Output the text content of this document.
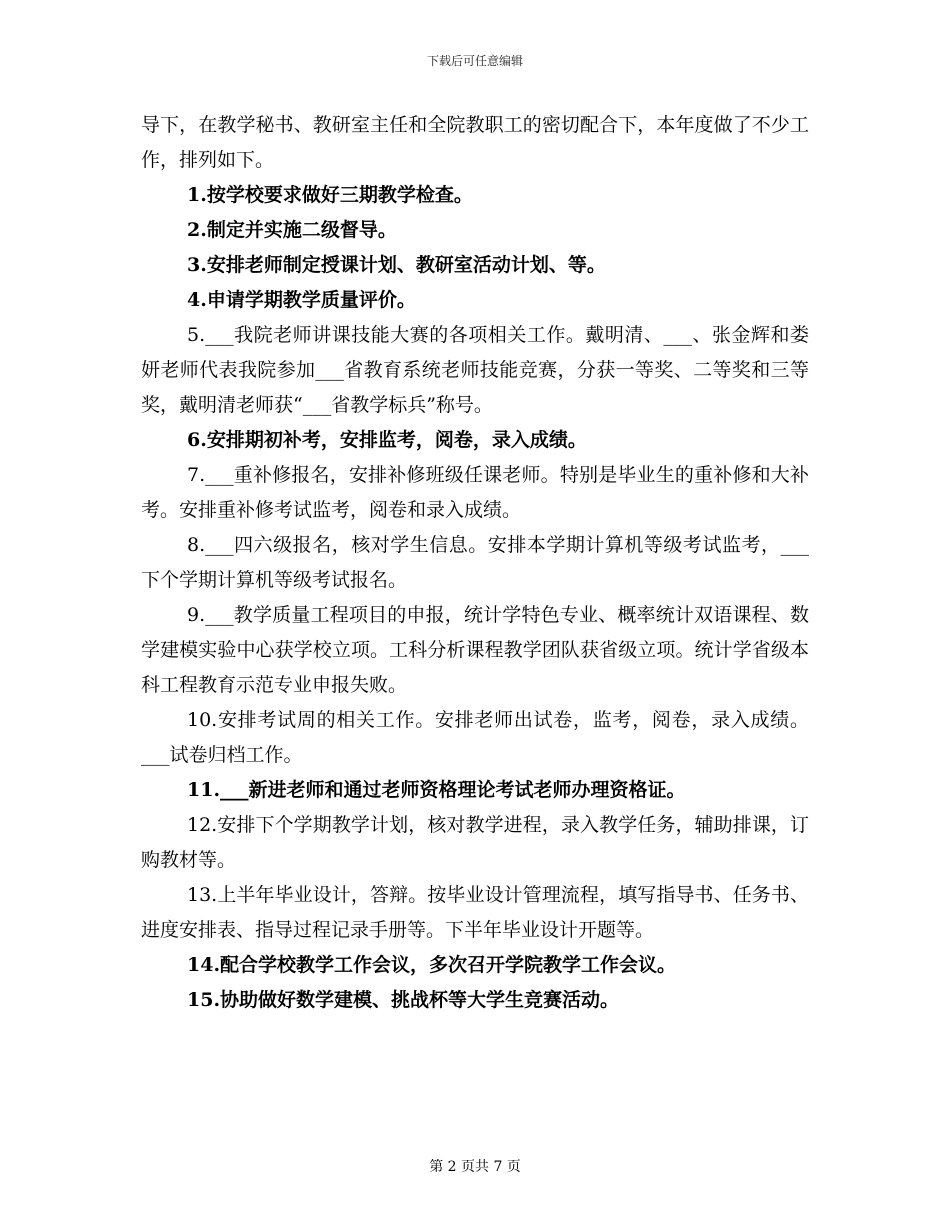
下载后可任意编辑

导下，在教学秘书、教研室主任和全院教职工的密切配合下，本年度做了不少工作，排列如下。

1.按学校要求做好三期教学检查。

2.制定并实施二级督导。

3.安排老师制定授课计划、教研室活动计划、等。

4.申请学期教学质量评价。

5.___我院老师讲课技能大赛的各项相关工作。戴明清、___、张金辉和娄妍老师代表我院参加___省教育系统老师技能竞赛，分获一等奖、二等奖和三等奖，戴明清老师获“___省教学标兵”称号。

6.安排期初补考，安排监考，阅卷，录入成绩。

7.___重补修报名，安排补修班级任课老师。特别是毕业生的重补修和大补考。安排重补修考试监考，阅卷和录入成绩。

8.___四六级报名，核对学生信息。安排本学期计算机等级考试监考，___下个学期计算机等级考试报名。

9.___教学质量工程项目的申报，统计学特色专业、概率统计双语课程、数学建模实验中心获学校立项。工科分析课程教学团队获省级立项。统计学省级本科工程教育示范专业申报失败。

10.安排考试周的相关工作。安排老师出试卷，监考，阅卷，录入成绩。___试卷归档工作。

11.___新进老师和通过老师资格理论考试老师办理资格证。

12.安排下个学期教学计划，核对教学进程，录入教学任务，辅助排课，订购教材等。

13.上半年毕业设计，答辩。按毕业设计管理流程，填写指导书、任务书、进度安排表、指导过程记录手册等。下半年毕业设计开题等。

14.配合学校教学工作会议，多次召开学院教学工作会议。

15.协助做好数学建模、挑战杯等大学生竞赛活动。

第 2 页共 7 页
